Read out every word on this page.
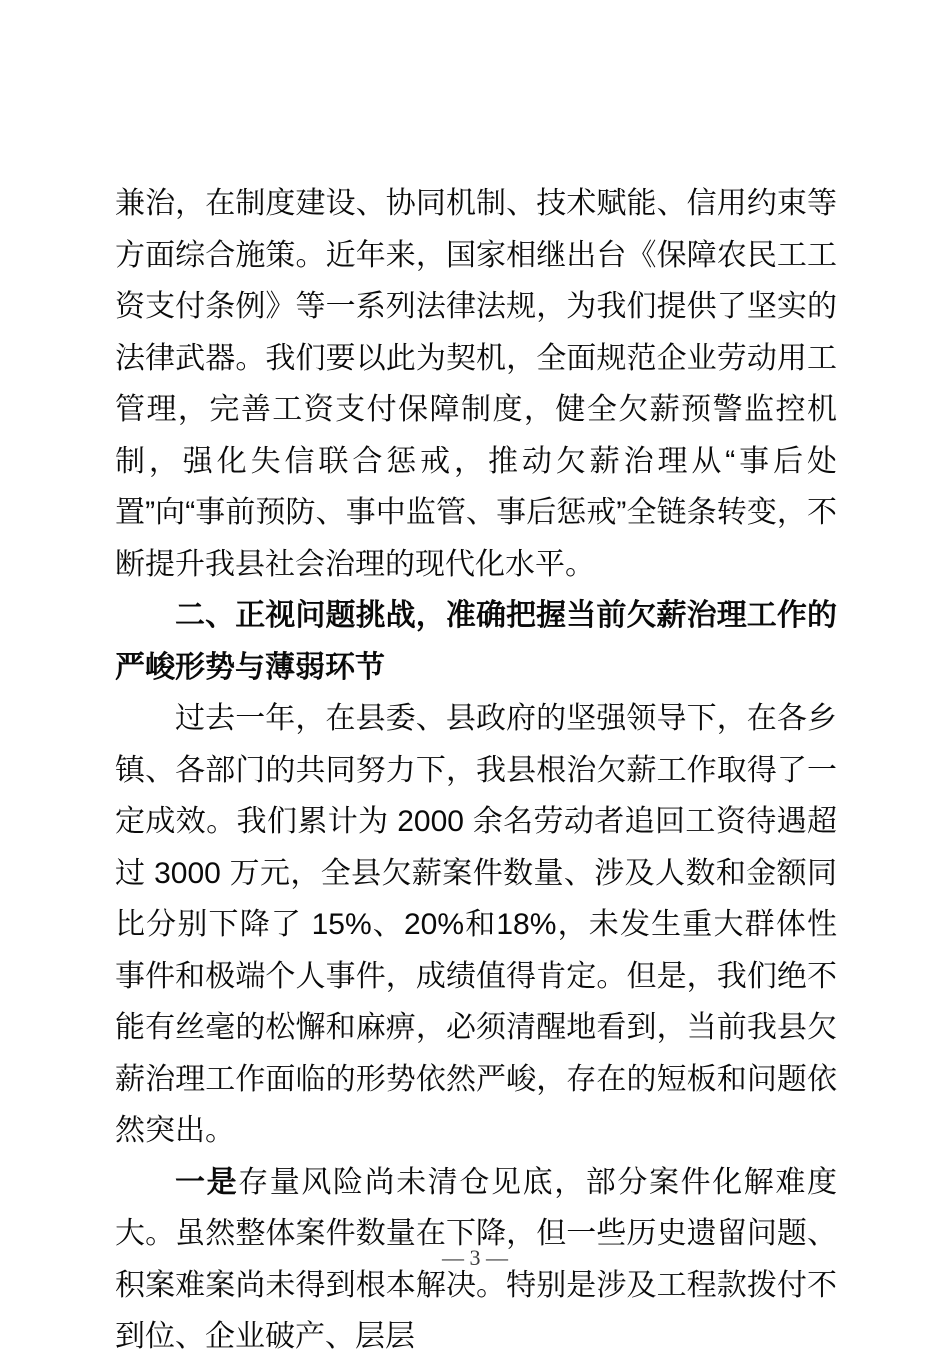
兼治，在制度建设、协同机制、技术赋能、信用约束等方面综合施策。近年来，国家相继出台《保障农民工工资支付条例》等一系列法律法规，为我们提供了坚实的法律武器。我们要以此为契机，全面规范企业劳动用工管理，完善工资支付保障制度，健全欠薪预警监控机制，强化失信联合惩戒，推动欠薪治理从“事后处置”向“事前预防、事中监管、事后惩戒”全链条转变，不断提升我县社会治理的现代化水平。

二、正视问题挑战，准确把握当前欠薪治理工作的严峻形势与薄弱环节

过去一年，在县委、县政府的坚强领导下，在各乡镇、各部门的共同努力下，我县根治欠薪工作取得了一定成效。我们累计为 2000 余名劳动者追回工资待遇超过 3000 万元，全县欠薪案件数量、涉及人数和金额同比分别下降了 15%、20%和18%，未发生重大群体性事件和极端个人事件，成绩值得肯定。但是，我们绝不能有丝毫的松懈和麻痹，必须清醒地看到，当前我县欠薪治理工作面临的形势依然严峻，存在的短板和问题依然突出。

一是存量风险尚未清仓见底，部分案件化解难度大。虽然整体案件数量在下降，但一些历史遗留问题、积案难案尚未得到根本解决。特别是涉及工程款拨付不到位、企业破产、层层

— 3 —
